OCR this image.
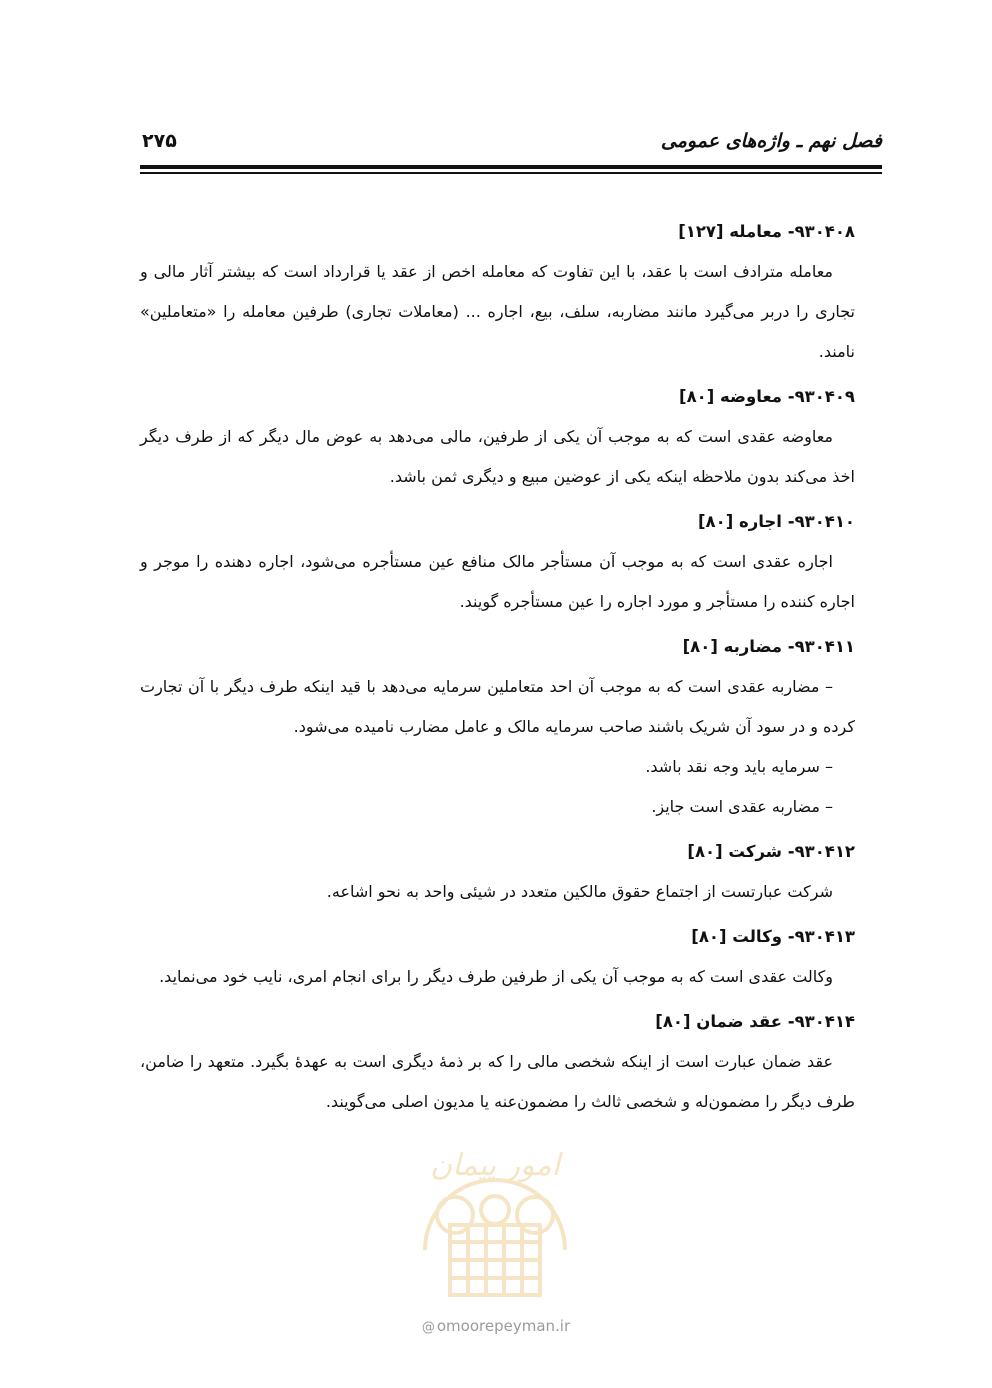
فصل نهم ـ واژه‌های عمومی
۲۷۵
۹۳۰۴۰۸- معامله [۱۲۷]

معامله مترادف است با عقد، با این تفاوت که معامله اخص از عقد یا قرارداد است که بیشتر آثار مالی و تجاری را دربر می‌گیرد مانند مضاربه، سلف، بیع، اجاره ... (معاملات تجاری) طرفین معامله را «متعاملین» نامند.

۹۳۰۴۰۹- معاوضه [۸۰]

معاوضه عقدی است که به موجب آن یکی از طرفین، مالی می‌دهد به عوض مال دیگر که از طرف دیگر اخذ می‌کند بدون ملاحظه اینکه یکی از عوضین مبیع و دیگری ثمن باشد.

۹۳۰۴۱۰- اجاره [۸۰]

اجاره عقدی است که به موجب آن مستأجر مالک منافع عین مستأجره می‌شود، اجاره دهنده را موجر و اجاره کننده را مستأجر و مورد اجاره را عین مستأجره گویند.

۹۳۰۴۱۱- مضاربه [۸۰]

– مضاربه عقدی است که به موجب آن احد متعاملین سرمایه می‌دهد با قید اینکه طرف دیگر با آن تجارت کرده و در سود آن شریک باشند صاحب سرمایه مالک و عامل مضارب نامیده می‌شود.

– سرمایه باید وجه نقد باشد.
– مضاربه عقدی است جایز.
۹۳۰۴۱۲- شرکت [۸۰]

شرکت عبارتست از اجتماع حقوق مالکین متعدد در شیئی واحد به نحو اشاعه.

۹۳۰۴۱۳- وکالت [۸۰]

وکالت عقدی است که به موجب آن یکی از طرفین طرف دیگر را برای انجام امری، نایب خود می‌نماید.

۹۳۰۴۱۴- عقد ضمان [۸۰]

عقد ضمان عبارت است از اینکه شخصی مالی را که بر ذمهٔ دیگری است به عهدهٔ بگیرد. متعهد را ضامن، طرف دیگر را مضمون‌له و شخصی ثالث را مضمون‌عنه یا مدیون اصلی می‌گویند.

امور پیمان
@ omoorepeyman.ir
